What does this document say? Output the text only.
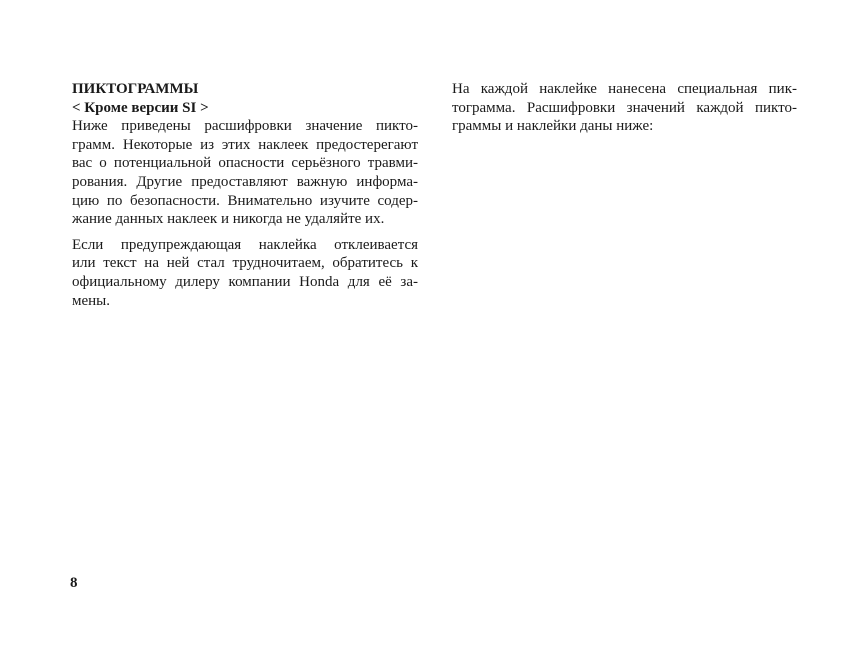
ПИКТОГРАММЫ
< Кроме версии SI >

Ниже приведены расшифровки значение пикто-
грамм. Некоторые из этих наклеек предостерегают
вас о потенциальной опасности серьёзного травми-
рования. Другие предоставляют важную информа-
цию по безопасности. Внимательно изучите содер-
жание данных наклеек и никогда не удаляйте их.

Если предупреждающая наклейка отклеивается
или текст на ней стал трудночитаем, обратитесь к
официальному дилеру компании Honda для её за-
мены.

На каждой наклейке нанесена специальная пик-
тограмма. Расшифровки значений каждой пикто-
граммы и наклейки даны ниже:

8
